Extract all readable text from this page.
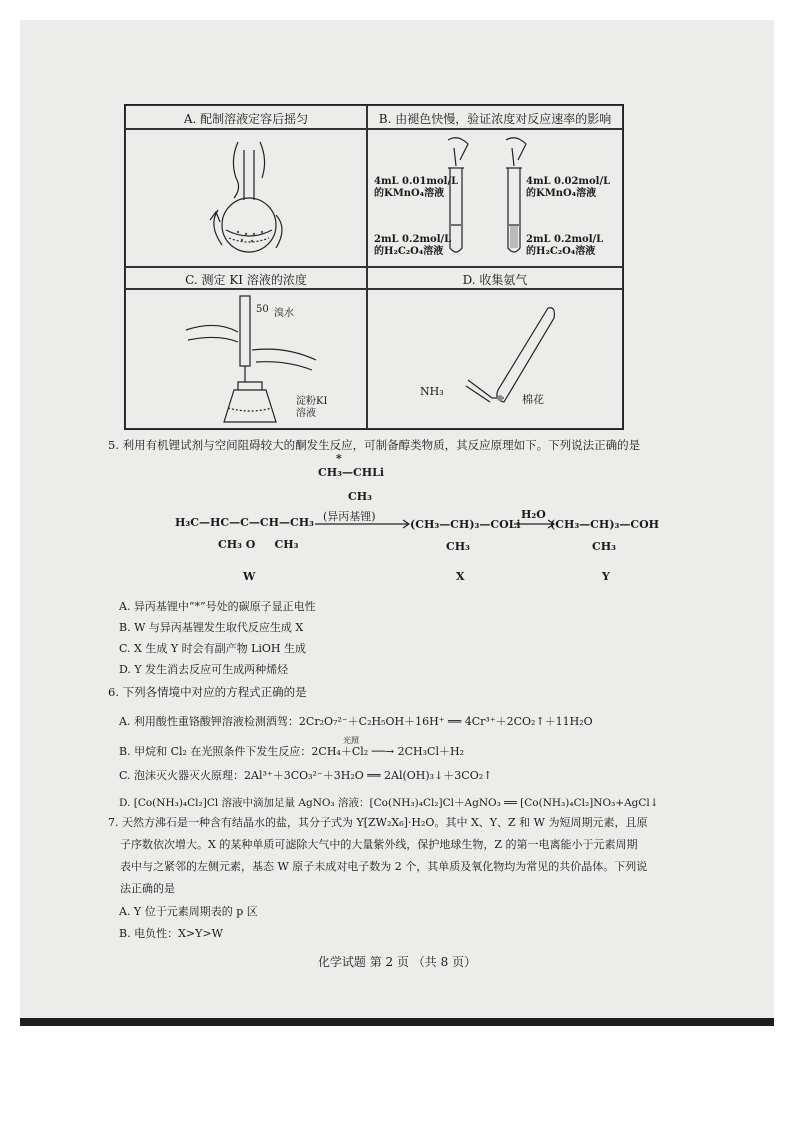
A. 配制溶液定容后摇匀	B. 由褪色快慢，验证浓度对反应速率的影响
4mL 0.01mol/L
的KMnO₄溶液
2mL 0.2mol/L
的H₂C₂O₄溶液
4mL 0.02mol/L
的KMnO₄溶液
2mL 0.2mol/L
的H₂C₂O₄溶液
C. 测定 KI 溶液的浓度	D. 收集氨气
50 溴水
淀粉KI
溶液
NH₃
棉花
5. 利用有机锂试剂与空间阻碍较大的酮发生反应，可制备醇类物质，其反应原理如下。下列说法正确的是
*
CH₃—CHLi
CH₃
(异丙基锂)
H₃C—HC—C—CH—CH₃
CH₃ O     CH₃
(CH₃—CH)₃—COLi
CH₃
H₂O
(CH₃—CH)₃—COH
CH₃
W	X	Y
A. 异丙基锂中“*”号处的碳原子显正电性
B. W 与异丙基锂发生取代反应生成 X
C. X 生成 Y 时会有副产物 LiOH 生成
D. Y 发生消去反应可生成两种烯烃
6. 下列各情境中对应的方程式正确的是
A. 利用酸性重铬酸钾溶液检测酒驾：2Cr₂O₇²⁻＋C₂H₅OH＋16H⁺ ══ 4Cr³⁺＋2CO₂↑＋11H₂O
光照
B. 甲烷和 Cl₂ 在光照条件下发生反应：2CH₄＋Cl₂ ──→ 2CH₃Cl＋H₂
C. 泡沫灭火器灭火原理：2Al³⁺＋3CO₃²⁻＋3H₂O ══ 2Al(OH)₃↓＋3CO₂↑
D. [Co(NH₃)₄Cl₂]Cl 溶液中滴加足量 AgNO₃ 溶液：[Co(NH₃)₄Cl₂]Cl＋AgNO₃ ══ [Co(NH₃)₄Cl₂]NO₃+AgCl↓
7. 天然方沸石是一种含有结晶水的盐，其分子式为 Y[ZW₂X₆]·H₂O。其中 X、Y、Z 和 W 为短周期元素，且原
子序数依次增大。X 的某种单质可滤除大气中的大量紫外线，保护地球生物，Z 的第一电离能小于元素周期
表中与之紧邻的左侧元素，基态 W 原子未成对电子数为 2 个，其单质及氧化物均为常见的共价晶体。下列说
法正确的是
A. Y 位于元素周期表的 p 区
B. 电负性：X>Y>W
化学试题 第 2 页 （共 8 页）
